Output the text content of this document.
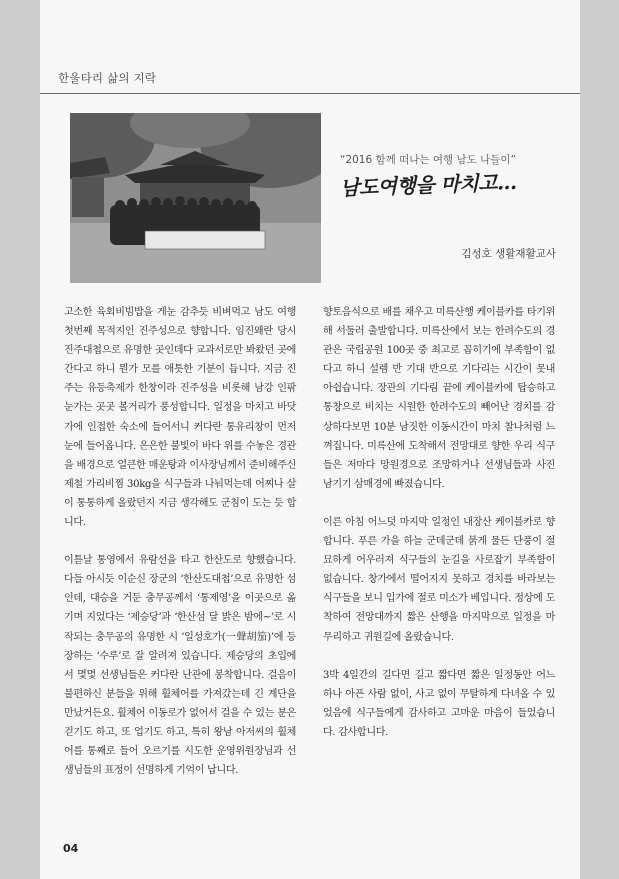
한울타리 삶의 지락
“2016 함께 떠나는 여행 남도 나들이”
남도여행을 마치고...
김성호 생활재활교사

고소한 육회비빔밥을 게눈 감추듯 비벼먹고 남도 여행 첫번째 목적지인 진주성으로 향합니다. 임진왜란 당시 진주대첩으로 유명한 곳인데다 교과서로만 봐왔던 곳에 간다고 하니 뭔가 모를 애틋한 기분이 듭니다. 지금 진주는 유등축제가 한창이라 진주성을 비롯해 남강 인팎 눈가는 곳곳 볼거리가 풍성합니다. 일정을 마치고 바닷가에 인접한 숙소에 들어서니 커다란 통유리창이 먼저 눈에 들어옵니다. 은은한 불빛이 바다 위를 수놓은 경관을 배경으로 얼큰한 매운탕과 이사장님께서 준비해주신 제철 가리비찜 30kg을 식구들과 나눠먹는데 어찌나 살이 통통하게 올랐던지 지금 생각해도 군침이 도는 듯 합니다.

이튿날 통영에서 유람선을 타고 한산도로 향했습니다. 다들 아시듯 이순신 장군의 ‘한산도대첩’으로 유명한 섬인데, 대승을 거둔 충무공께서 ‘통제영’을 이곳으로 옮기며 지었다는 ‘제승당’과 ‘한산섬 달 밝은 밤에~’로 시작되는 충무공의 유명한 시 ‘일성호가(一聲胡笳)’에 등장하는 ‘수루’로 잘 알려져 있습니다. 제승당의 초입에서 몇몇 선생님들은 커다란 난관에 봉착합니다. 걸음이 불편하신 분들을 위해 휠체어를 가져갔는데 긴 계단을 만났거든요. 휠체어 이동로가 없어서 걸을 수 있는 분은 걷기도 하고, 또 업기도 하고, 특히 왕남 아저씨의 휠체어를 통째로 들어 오르기를 시도한 운영위원장님과 선생님들의 표정이 선명하게 기억이 납니다.

향토음식으로 배를 채우고 미륵산행 케이블카를 타기위해 서둘러 출발합니다. 미륵산에서 보는 한려수도의 경관은 국립공원 100곳 중 최고로 꼽히기에 부족함이 없다고 하니 설렘 반 기대 반으로 기다리는 시간이 못내 아쉽습니다. 장관의 기다림 끝에 케이블카에 탑승하고 통창으로 비치는 시원한 한려수도의 빼어난 경치를 감상하다보면 10분 남짓한 이동시간이 마치 찰나처럼 느껴집니다. 미륵산에 도착해서 전망대로 향한 우리 식구들은 저마다 망원경으로 조망하거나 선생님들과 사진 남기기 삼매경에 빠졌습니다.

이른 아침 어느덧 마지막 일정인 내장산 케이블카로 향합니다. 푸른 가을 하늘 군데군데 붉게 물든 단풍이 절묘하게 어우러져 식구들의 눈길을 사로잡기 부족함이 없습니다. 창가에서 떨어지지 못하고 경치를 바라보는 식구들을 보니 입가에 절로 미소가 베입니다. 정상에 도착하여 전망대까지 짧은 산행을 마지막으로 일정을 마무리하고 귀원길에 올랐습니다.

3박 4일간의 길다면 길고 짧다면 짧은 일정동안 어느 하나 아픈 사람 없이, 사고 없이 무탈하게 다녀올 수 있었음에 식구들에게 감사하고 고마운 마음이 들었습니다. 감사합니다.

04
